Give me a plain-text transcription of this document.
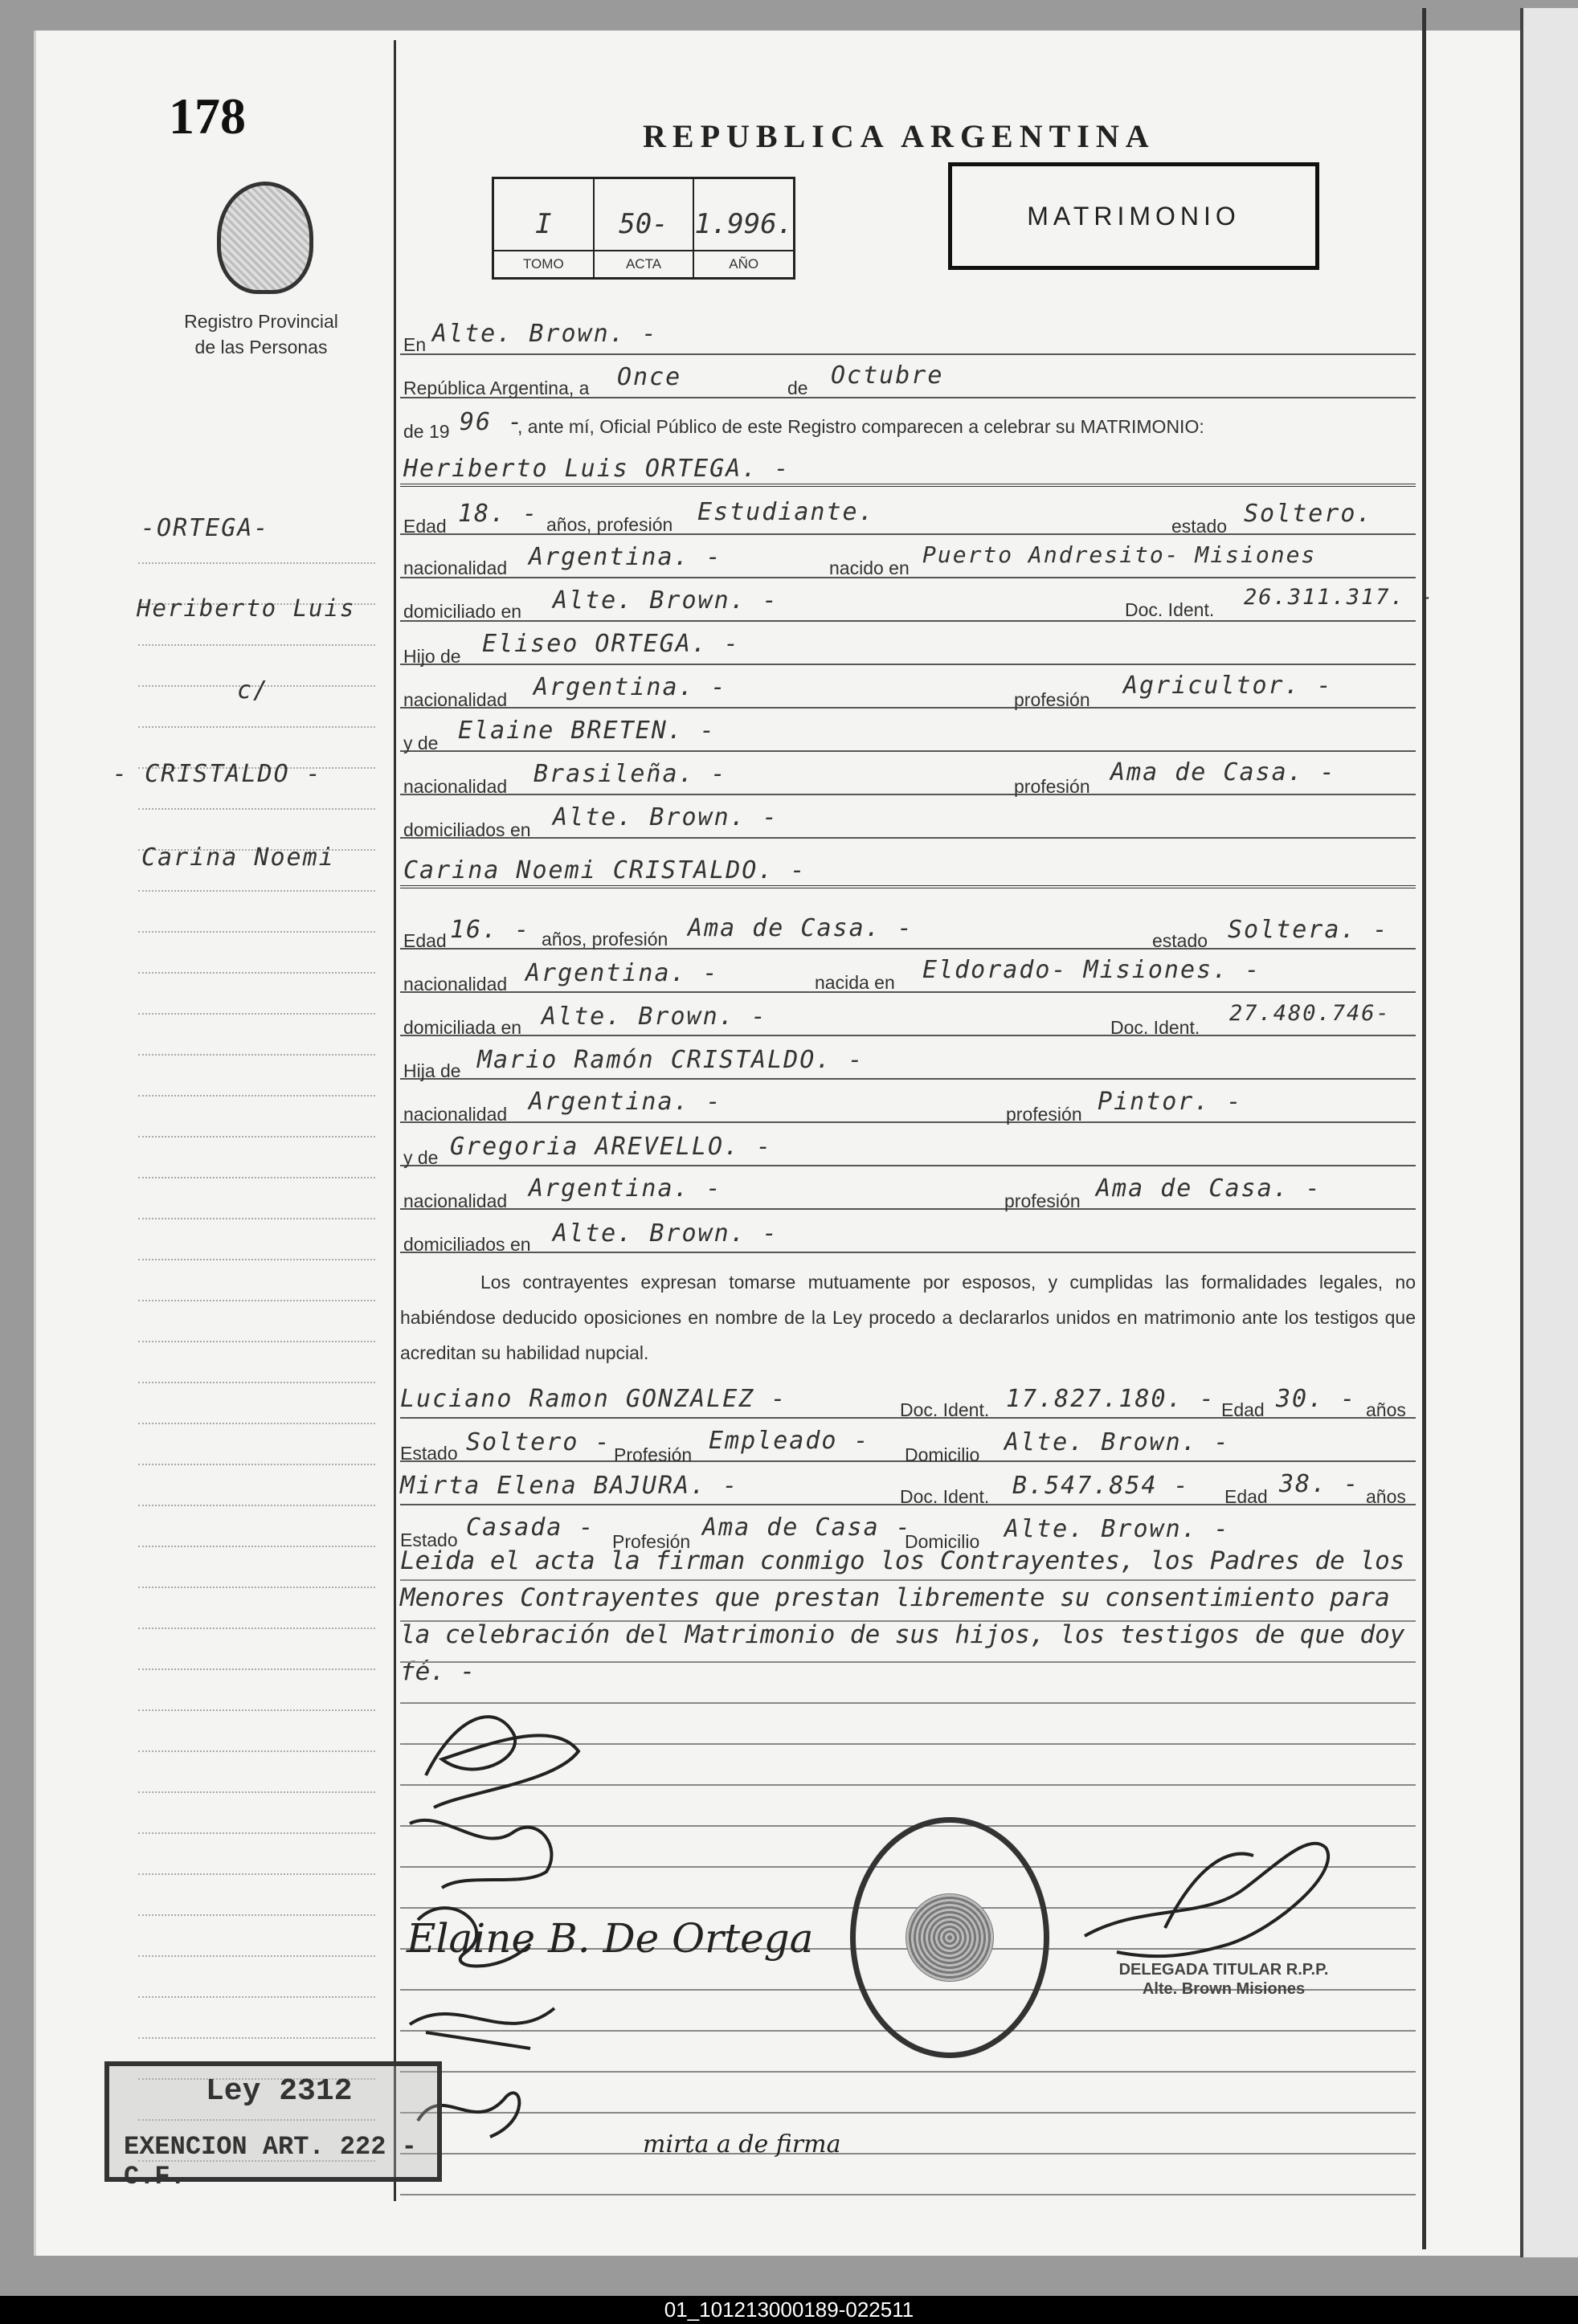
178
Registro Provincial
de las Personas
-ORTEGA-
Heriberto Luis
c/
- CRISTALDO -
Carina Noemi
REPUBLICA ARGENTINA
I
TOMO
50-
ACTA
1.996.
AÑO
MATRIMONIO
En Alte. Brown. -
República Argentina, a Once	de Octubre
de 19 96 -
, ante mí, Oficial Público de este Registro comparecen a celebrar su MATRIMONIO:
Heriberto Luis ORTEGA. -
Edad 18. - años, profesión Estudiante.	estado Soltero.
nacionalidad Argentina. -	nacido en Puerto Andresito- Misiones
domiciliado en Alte. Brown. -	Doc. Ident. 26.311.317. -
Hijo de Eliseo ORTEGA. -
nacionalidad Argentina. -	profesión Agricultor. -
y de Elaine BRETEN. -
nacionalidad Brasileña. -	profesión Ama de Casa. -
domiciliados en Alte. Brown. -
Carina Noemi CRISTALDO. -
Edad 16. - años, profesión Ama de Casa. -	estado Soltera. -
nacionalidad Argentina. -	nacida en Eldorado- Misiones. -
domiciliada en Alte. Brown. -	Doc. Ident.
27.480.746-
Hija de Mario Ramón CRISTALDO. -
nacionalidad Argentina. -	profesión Pintor. -
y de Gregoria AREVELLO. -
nacionalidad Argentina. -	profesión Ama de Casa. -
domiciliados en Alte. Brown. -
Los contrayentes expresan tomarse mutuamente por esposos, y cumplidas las formalidades legales, no habiéndose deducido oposiciones en nombre de la Ley procedo a declararlos unidos en matrimonio ante los testigos que acreditan su habilidad nupcial.
Luciano Ramon GONZALEZ -	Doc. Ident. 17.827.180. - Edad 30. - años
Estado Soltero - Profesión Empleado - Domicilio Alte. Brown. -
Mirta Elena BAJURA. -	Doc. Ident. B.547.854 - Edad 38. - años
Estado Casada - Profesión Ama de Casa -
Domicilio Alte. Brown. -
Leida el acta la firman conmigo los Contrayentes, los Padres de los Menores Contrayentes que prestan libremente su consentimiento para la celebración del Matrimonio de sus hijos, los testigos de que doy fé. -
Elaine B. De Ortega
DELEGADA TITULAR R.P.P.
Alte. Brown Misiones
Ley 2312
EXENCION ART. 222 - C.F.
mirta a de firma
01_101213000189-022511
